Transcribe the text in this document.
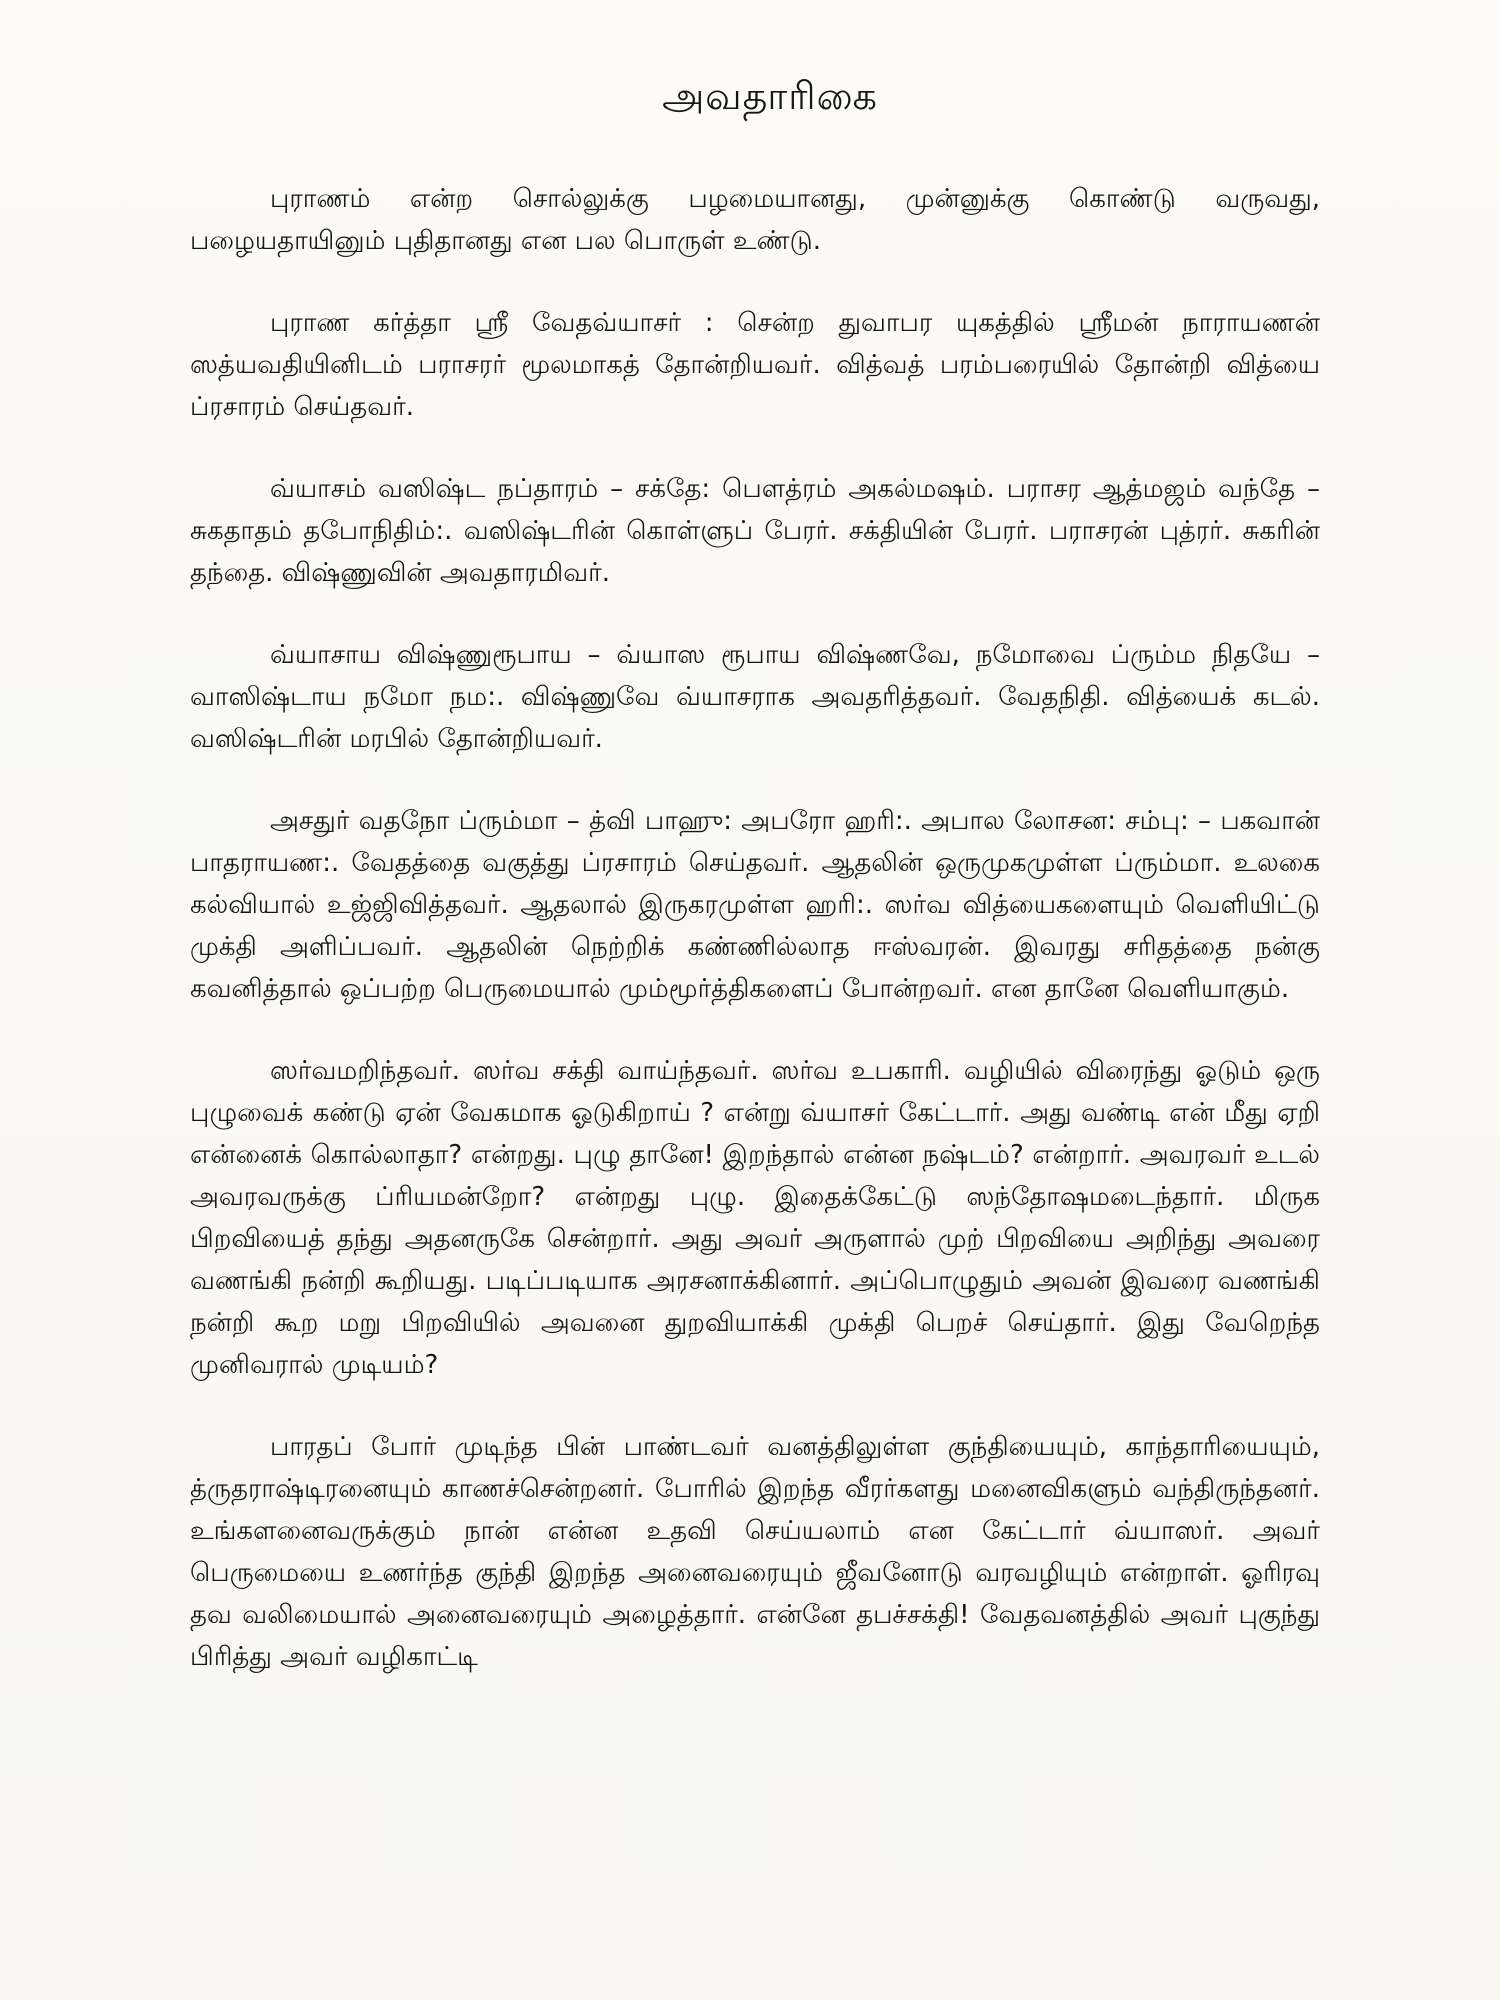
அவதாரிகை

புராணம் என்ற சொல்லுக்கு பழமையானது, முன்னுக்கு கொண்டு வருவது, பழையதாயினும் புதிதானது என பல பொருள் உண்டு.

புராண கர்த்தா ஸ்ரீ வேதவ்யாசர் : சென்ற துவாபர யுகத்தில் ஸ்ரீமன் நாராயணன் ஸத்யவதியினிடம் பராசரர் மூலமாகத் தோன்றியவர். வித்வத் பரம்பரையில் தோன்றி வித்யை ப்ரசாரம் செய்தவர்.

வ்யாசம் வஸிஷ்ட நப்தாரம் – சக்தே: பௌத்ரம் அகல்மஷம். பராசர ஆத்மஜம் வந்தே – சுகதாதம் தபோநிதிம்:. வஸிஷ்டரின் கொள்ளுப் பேரர். சக்தியின் பேரர். பராசரன் புத்ரர். சுகரின் தந்தை. விஷ்ணுவின் அவதாரமிவர்.

வ்யாசாய விஷ்ணுரூபாய – வ்யாஸ ரூபாய விஷ்ணவே, நமோவை ப்ரும்ம நிதயே – வாஸிஷ்டாய நமோ நம:. விஷ்ணுவே வ்யாசராக அவதரித்தவர். வேதநிதி. வித்யைக் கடல். வஸிஷ்டரின் மரபில் தோன்றியவர்.

அசதுர் வதநோ ப்ரும்மா – த்வி பாஹு: அபரோ ஹரி:. அபால லோசன: சம்பு: – பகவான் பாதராயண:. வேதத்தை வகுத்து ப்ரசாரம் செய்தவர். ஆதலின் ஒருமுகமுள்ள ப்ரும்மா. உலகை கல்வியால் உஜ்ஜிவித்தவர். ஆதலால் இருகரமுள்ள ஹரி:. ஸர்வ வித்யைகளையும் வெளியிட்டு முக்தி அளிப்பவர். ஆதலின் நெற்றிக் கண்ணில்லாத ஈஸ்வரன். இவரது சரிதத்தை நன்கு கவனித்தால் ஒப்பற்ற பெருமையால் மும்மூர்த்திகளைப் போன்றவர். என தானே வெளியாகும்.

ஸர்வமறிந்தவர். ஸர்வ சக்தி வாய்ந்தவர். ஸர்வ உபகாரி. வழியில் விரைந்து ஓடும் ஒரு புழுவைக் கண்டு ஏன் வேகமாக ஓடுகிறாய் ? என்று வ்யாசர் கேட்டார். அது வண்டி என் மீது ஏறி என்னைக் கொல்லாதா? என்றது. புழு தானே! இறந்தால் என்ன நஷ்டம்? என்றார். அவரவர் உடல் அவரவருக்கு ப்ரியமன்றோ? என்றது புழு. இதைக்கேட்டு ஸந்தோஷமடைந்தார். மிருக பிறவியைத் தந்து அதனருகே சென்றார். அது அவர் அருளால் முற் பிறவியை அறிந்து அவரை வணங்கி நன்றி கூறியது. படிப்படியாக அரசனாக்கினார். அப்பொழுதும் அவன் இவரை வணங்கி நன்றி கூற மறு பிறவியில் அவனை துறவியாக்கி முக்தி பெறச் செய்தார். இது வேறெந்த முனிவரால் முடியம்?

பாரதப் போர் முடிந்த பின் பாண்டவர் வனத்திலுள்ள குந்தியையும், காந்தாரியையும், த்ருதராஷ்டிரனையும் காணச்சென்றனர். போரில் இறந்த வீரர்களது மனைவிகளும் வந்திருந்தனர். உங்களனைவருக்கும் நான் என்ன உதவி செய்யலாம் என கேட்டார் வ்யாஸர். அவர் பெருமையை உணர்ந்த குந்தி இறந்த அனைவரையும் ஜீவனோடு வரவழியும் என்றாள். ஓரிரவு தவ வலிமையால் அனைவரையும் அழைத்தார். என்னே தபச்சக்தி! வேதவனத்தில் அவர் புகுந்து பிரித்து அவர் வழிகாட்டி
